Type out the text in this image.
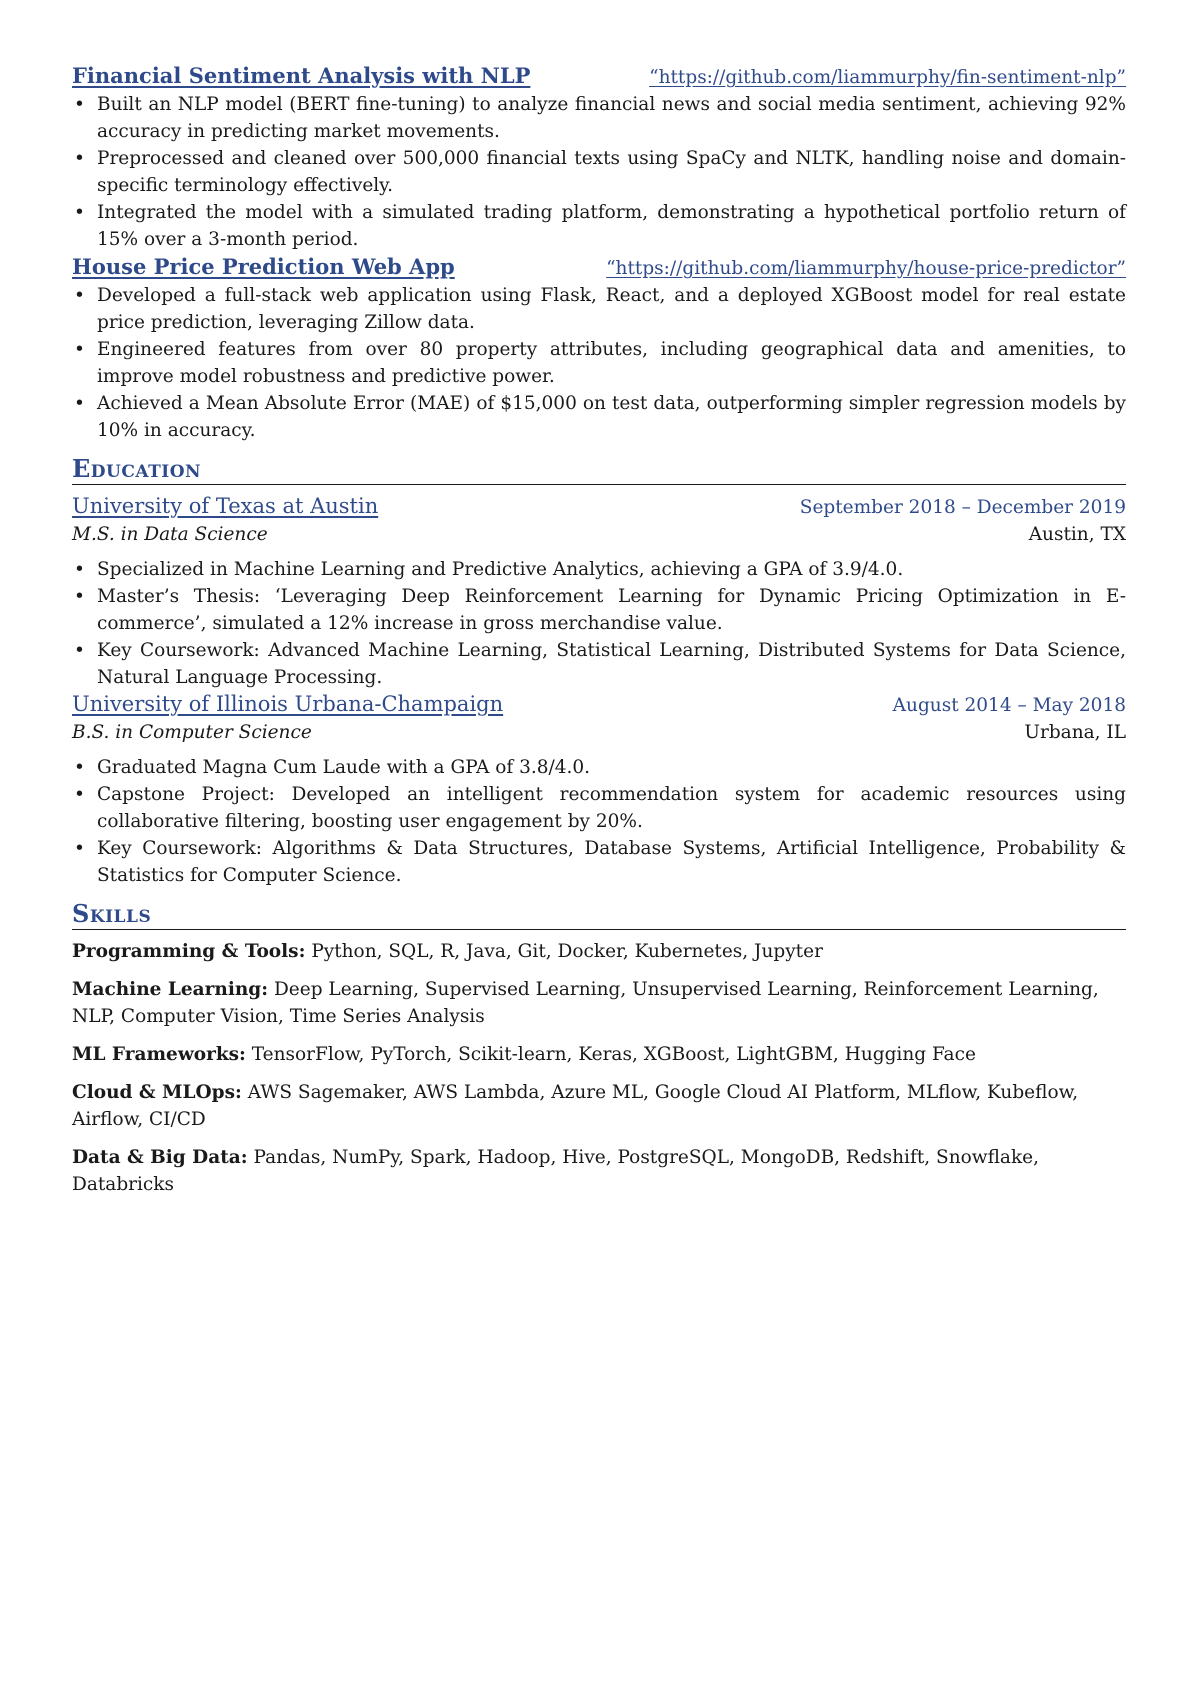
Financial Sentiment Analysis with NLP	“https://github.com/liammurphy/fin-sentiment-nlp”
• Built an NLP model (BERT fine-tuning) to analyze financial news and social media sentiment, achieving 92% accuracy in predicting market movements.
• Preprocessed and cleaned over 500,000 financial texts using SpaCy and NLTK, handling noise and domain-specific terminology effectively.
• Integrated the model with a simulated trading platform, demonstrating a hypothetical portfolio return of 15% over a 3-month period.
House Price Prediction Web App	“https://github.com/liammurphy/house-price-predictor”
• Developed a full-stack web application using Flask, React, and a deployed XGBoost model for real estate price prediction, leveraging Zillow data.
• Engineered features from over 80 property attributes, including geographical data and amenities, to improve model robustness and predictive power.
• Achieved a Mean Absolute Error (MAE) of $15,000 on test data, outperforming simpler regression models by 10% in accuracy.
Education
University of Texas at Austin	September 2018 – December 2019
M.S. in Data Science	Austin, TX
• Specialized in Machine Learning and Predictive Analytics, achieving a GPA of 3.9/4.0.
• Master’s Thesis: ‘Leveraging Deep Reinforcement Learning for Dynamic Pricing Optimization in E-commerce’, simulated a 12% increase in gross merchandise value.
• Key Coursework: Advanced Machine Learning, Statistical Learning, Distributed Systems for Data Science, Natural Language Processing.
University of Illinois Urbana-Champaign	August 2014 – May 2018
B.S. in Computer Science	Urbana, IL
• Graduated Magna Cum Laude with a GPA of 3.8/4.0.
• Capstone Project: Developed an intelligent recommendation system for academic resources using collaborative filtering, boosting user engagement by 20%.
• Key Coursework: Algorithms & Data Structures, Database Systems, Artificial Intelligence, Probability & Statistics for Computer Science.
Skills
Programming & Tools: Python, SQL, R, Java, Git, Docker, Kubernetes, Jupyter
Machine Learning: Deep Learning, Supervised Learning, Unsupervised Learning, Reinforcement Learning, NLP, Computer Vision, Time Series Analysis
ML Frameworks: TensorFlow, PyTorch, Scikit-learn, Keras, XGBoost, LightGBM, Hugging Face
Cloud & MLOps: AWS Sagemaker, AWS Lambda, Azure ML, Google Cloud AI Platform, MLflow, Kubeflow, Airflow, CI/CD
Data & Big Data: Pandas, NumPy, Spark, Hadoop, Hive, PostgreSQL, MongoDB, Redshift, Snowflake, Databricks
